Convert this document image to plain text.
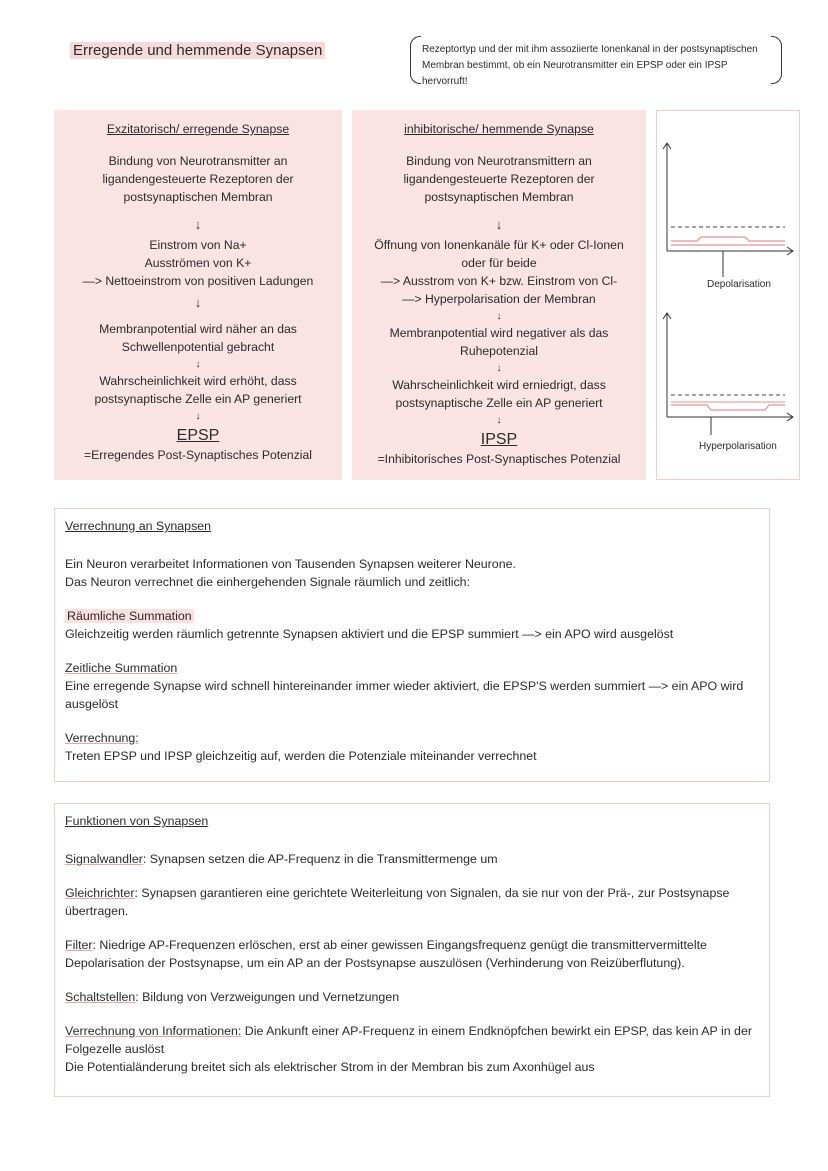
Erregende und hemmende Synapsen	Rezeptortyp und der mit ihm assoziierte Ionenkanal in der postsynaptischen Membran bestimmt, ob ein Neurotransmitter ein EPSP oder ein IPSP hervorruft!
Exzitatorisch/ erregende Synapse
Bindung von Neurotransmitter an
ligandengesteuerte Rezeptoren der
postsynaptischen Membran
↓
Einstrom von Na+
Ausströmen von K+
—> Nettoeinstrom von positiven Ladungen
↓
Membranpotential wird näher an das
Schwellenpotential gebracht
↓
Wahrscheinlichkeit wird erhöht, dass
postsynaptische Zelle ein AP generiert
↓
EPSP
=Erregendes Post-Synaptisches Potenzial
inhibitorische/ hemmende Synapse
Bindung von Neurotransmittern an
ligandengesteuerte Rezeptoren der
postsynaptischen Membran
↓
Öffnung von Ionenkanäle für K+ oder Cl-Ionen
oder für beide
—> Ausstrom von K+ bzw. Einstrom von Cl-
—> Hyperpolarisation der Membran
↓
Membranpotential wird negativer als das
Ruhepotenzial
↓
Wahrscheinlichkeit wird erniedrigt, dass
postsynaptische Zelle ein AP generiert
↓
IPSP
=Inhibitorisches Post-Synaptisches Potenzial
Depolarisation
Hyperpolarisation
Verrechnung an Synapsen

Ein Neuron verarbeitet Informationen von Tausenden Synapsen weiterer Neurone.
Das Neuron verrechnet die einhergehenden Signale räumlich und zeitlich:

Räumliche Summation
Gleichzeitig werden räumlich getrennte Synapsen aktiviert und die EPSP summiert —> ein APO wird ausgelöst

Zeitliche Summation
Eine erregende Synapse wird schnell hintereinander immer wieder aktiviert, die EPSP'S werden summiert —> ein APO wird ausgelöst

Verrechnung:
Treten EPSP und IPSP gleichzeitig auf, werden die Potenziale miteinander verrechnet

Funktionen von Synapsen

Signalwandler: Synapsen setzen die AP-Frequenz in die Transmittermenge um

Gleichrichter: Synapsen garantieren eine gerichtete Weiterleitung von Signalen, da sie nur von der Prä-, zur Postsynapse übertragen.

Filter: Niedrige AP-Frequenzen erlöschen, erst ab einer gewissen Eingangsfrequenz genügt die transmittervermittelte Depolarisation der Postsynapse, um ein AP an der Postsynapse auszulösen (Verhinderung von Reizüberflutung).

Schaltstellen: Bildung von Verzweigungen und Vernetzungen

Verrechnung von Informationen: Die Ankunft einer AP-Frequenz in einem Endknöpfchen bewirkt ein EPSP, das kein AP in der Folgezelle auslöst
Die Potentialänderung breitet sich als elektrischer Strom in der Membran bis zum Axonhügel aus
